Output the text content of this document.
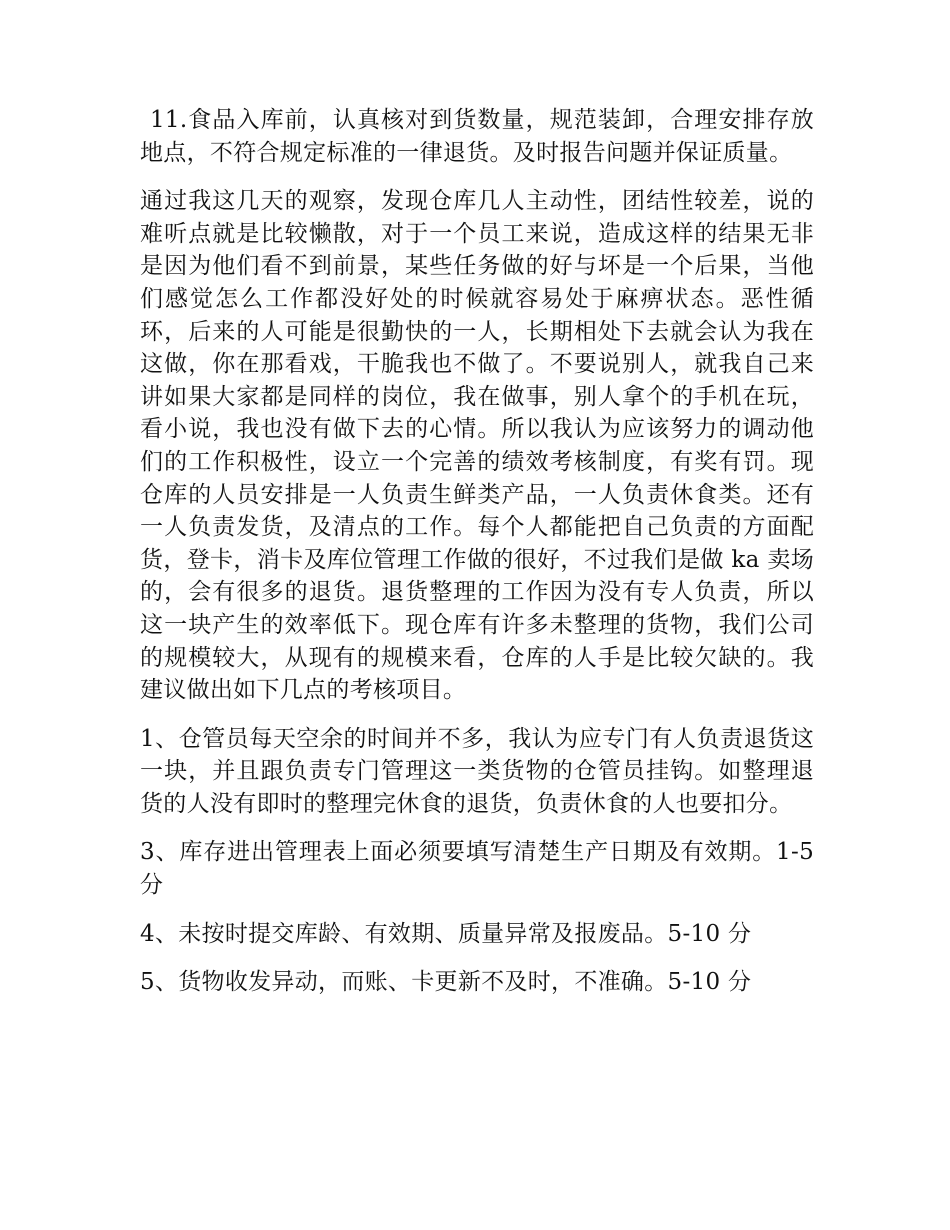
11.食品入库前，认真核对到货数量，规范装卸，合理安排存放地点，不符合规定标准的一律退货。及时报告问题并保证质量。

通过我这几天的观察，发现仓库几人主动性，团结性较差，说的难听点就是比较懒散，对于一个员工来说，造成这样的结果无非是因为他们看不到前景，某些任务做的好与坏是一个后果，当他们感觉怎么工作都没好处的时候就容易处于麻痹状态。恶性循环，后来的人可能是很勤快的一人，长期相处下去就会认为我在这做，你在那看戏，干脆我也不做了。不要说别人，就我自己来讲如果大家都是同样的岗位，我在做事，别人拿个的手机在玩，看小说，我也没有做下去的心情。所以我认为应该努力的调动他们的工作积极性，设立一个完善的绩效考核制度，有奖有罚。现仓库的人员安排是一人负责生鲜类产品，一人负责休食类。还有一人负责发货，及清点的工作。每个人都能把自己负责的方面配货，登卡，消卡及库位管理工作做的很好，不过我们是做 ka 卖场的，会有很多的退货。退货整理的工作因为没有专人负责，所以这一块产生的效率低下。现仓库有许多未整理的货物，我们公司的规模较大，从现有的规模来看，仓库的人手是比较欠缺的。我建议做出如下几点的考核项目。

1、仓管员每天空余的时间并不多，我认为应专门有人负责退货这一块，并且跟负责专门管理这一类货物的仓管员挂钩。如整理退货的人没有即时的整理完休食的退货，负责休食的人也要扣分。

3、库存进出管理表上面必须要填写清楚生产日期及有效期。1-5 分

4、未按时提交库龄、有效期、质量异常及报废品。5-10 分

5、货物收发异动，而账、卡更新不及时，不准确。5-10 分
